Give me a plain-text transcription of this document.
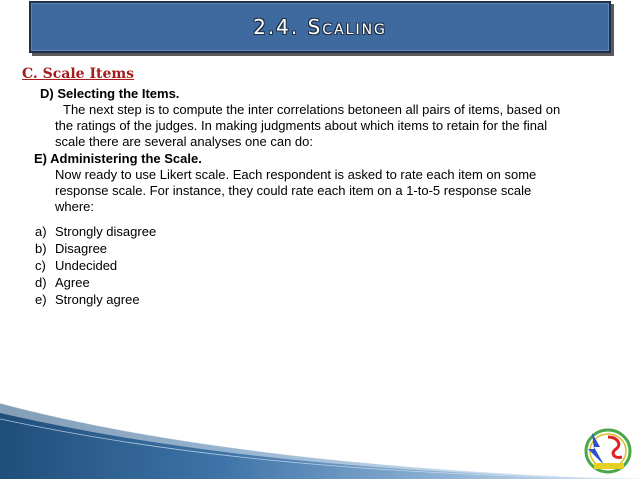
2.4. Scaling
C. Scale Items
D) Selecting the Items.
The next step is to compute the inter correlations betoneen all pairs of items, based on
the ratings of the judges. In making judgments about which items to retain for the final
scale there are several analyses one can do:
E) Administering the Scale.
Now ready to use Likert scale. Each respondent is asked to rate each item on some
response scale. For instance, they could rate each item on a 1-to-5 response scale
where:
a) Strongly disagree
b) Disagree
c) Undecided
d) Agree
e) Strongly agree
